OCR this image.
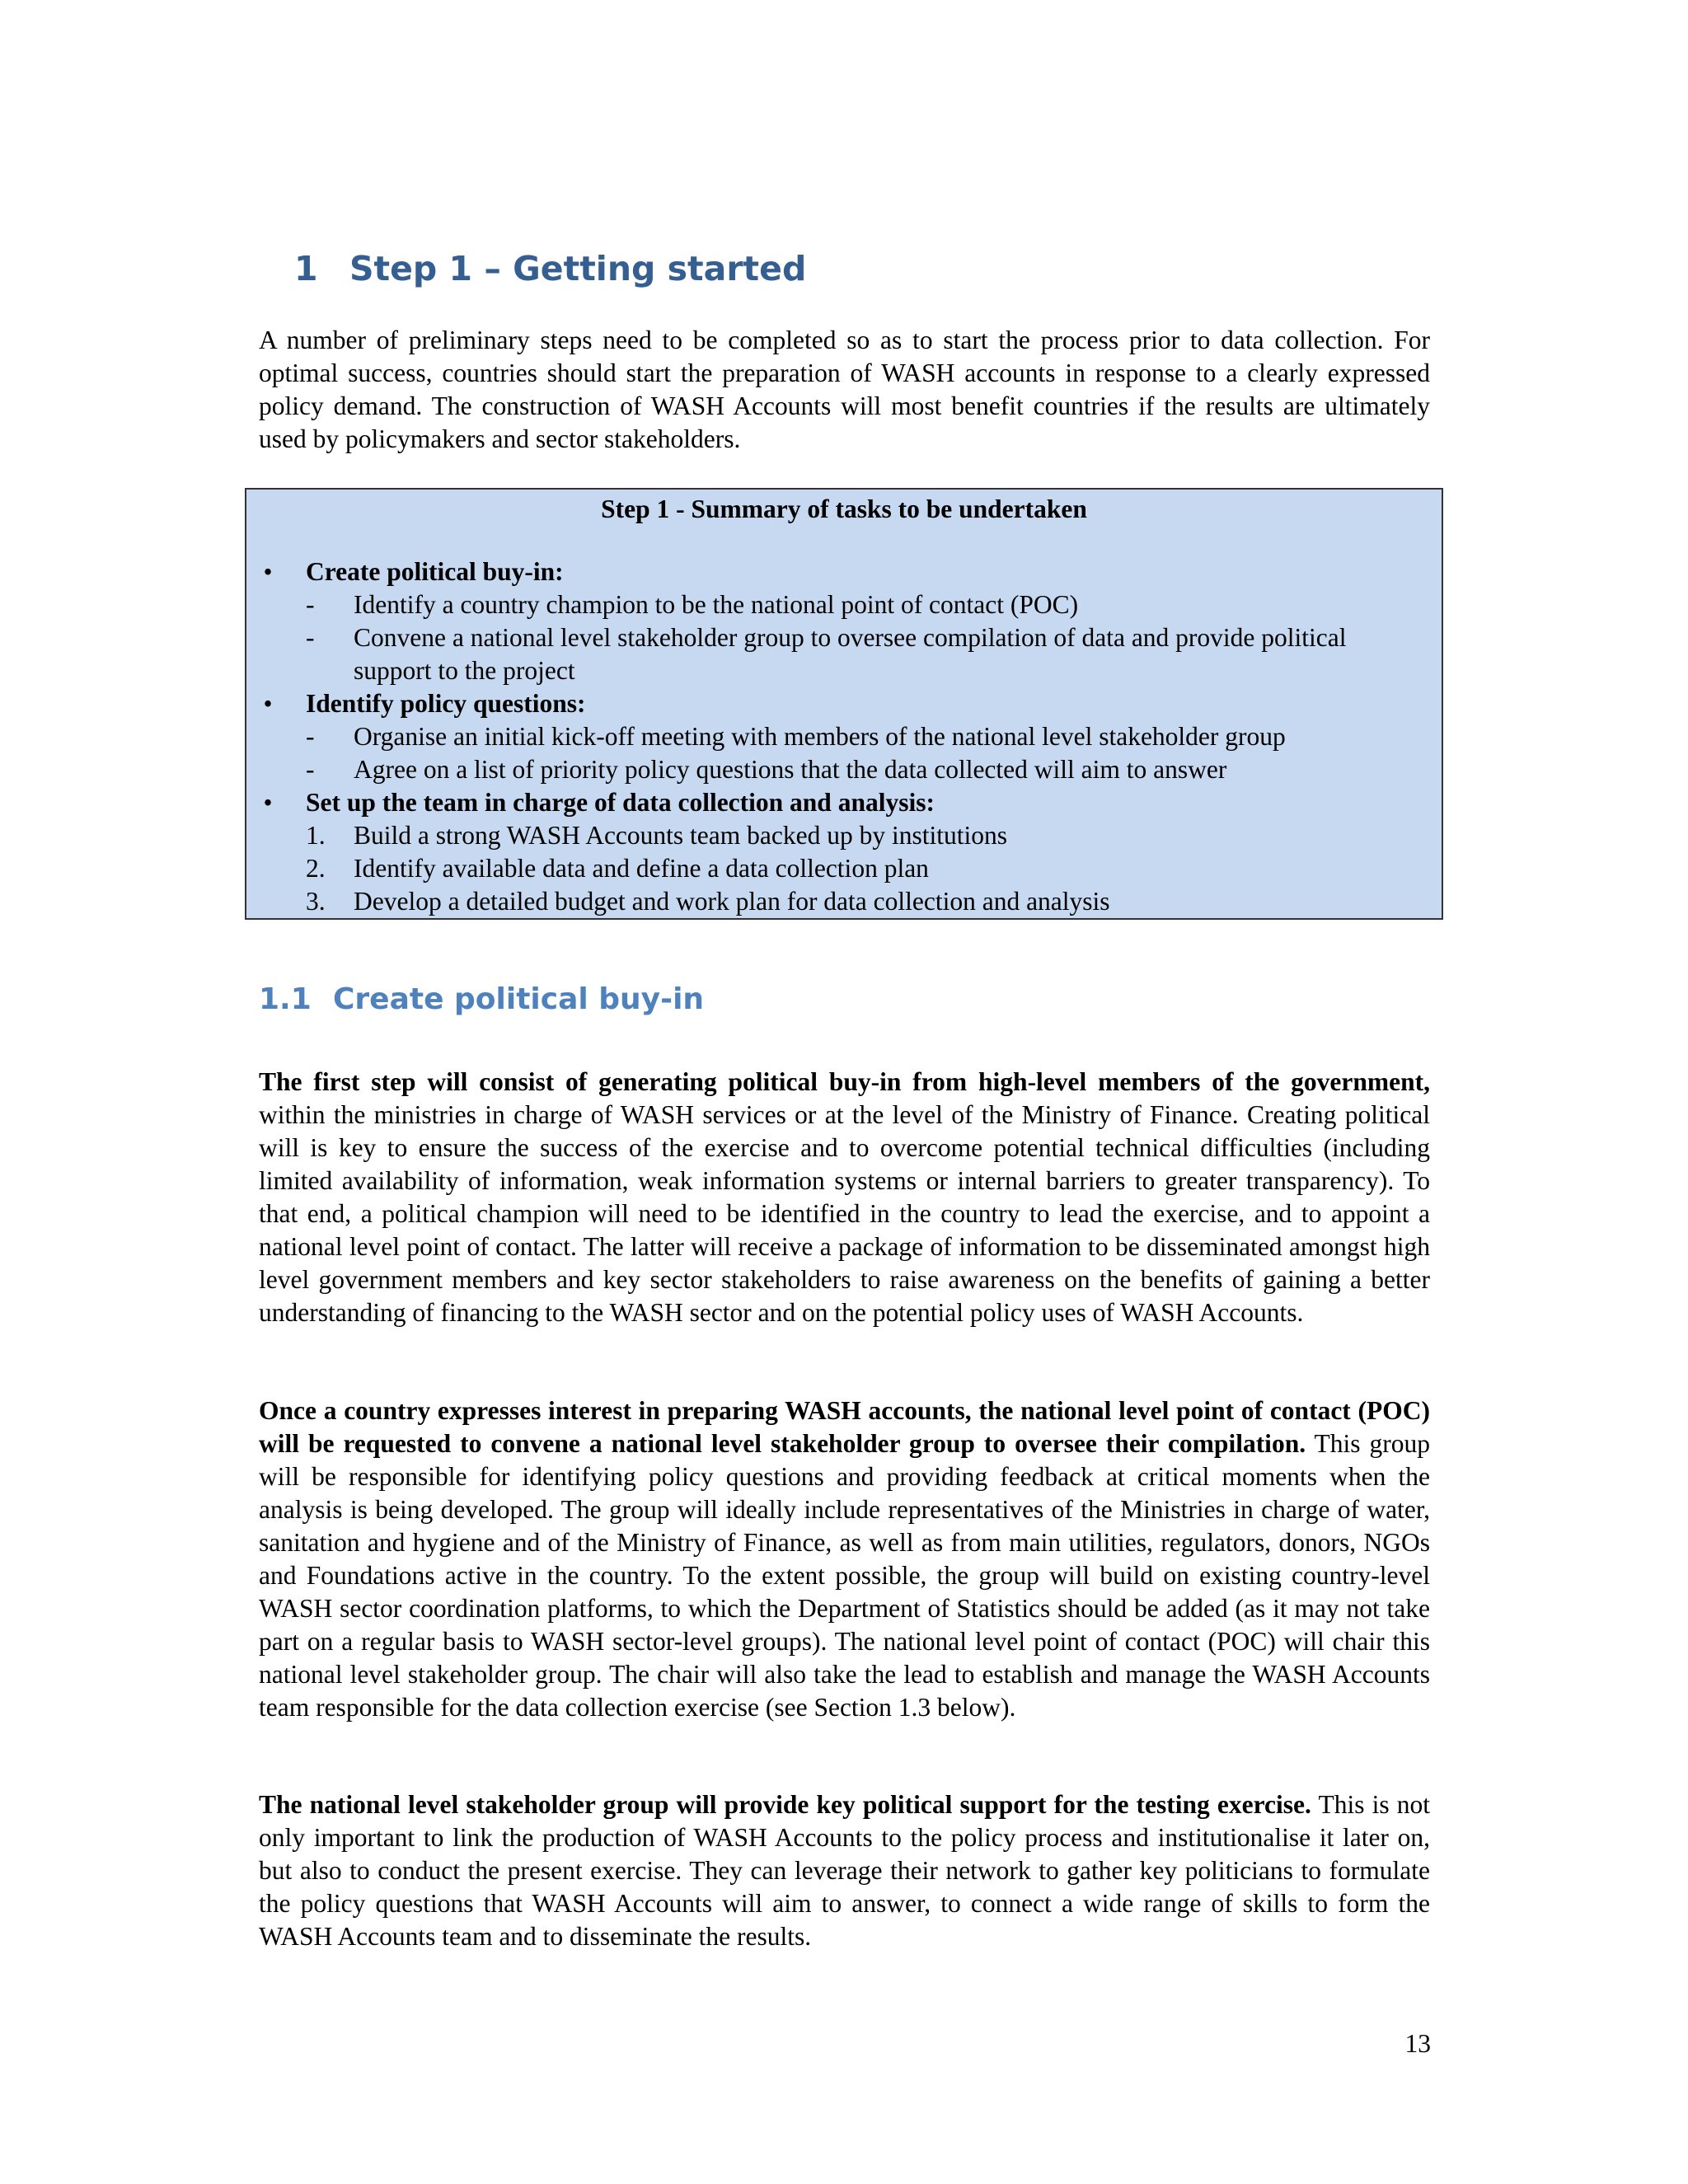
1 Step 1 – Getting started

A number of preliminary steps need to be completed so as to start the process prior to data collection. For optimal success, countries should start the preparation of WASH accounts in response to a clearly expressed policy demand. The construction of WASH Accounts will most benefit countries if the results are ultimately used by policymakers and sector stakeholders.

Step 1 - Summary of tasks to be undertaken
•	Create political buy-in:
-	Identify a country champion to be the national point of contact (POC)
-	Convene a national level stakeholder group to oversee compilation of data and provide political support to the project
•	Identify policy questions:
-	Organise an initial kick-off meeting with members of the national level stakeholder group
-	Agree on a list of priority policy questions that the data collected will aim to answer
•	Set up the team in charge of data collection and analysis:
1.	Build a strong WASH Accounts team backed up by institutions
2.	Identify available data and define a data collection plan
3.	Develop a detailed budget and work plan for data collection and analysis
1.1 Create political buy-in

The first step will consist of generating political buy-in from high-level members of the government, within the ministries in charge of WASH services or at the level of the Ministry of Finance. Creating political will is key to ensure the success of the exercise and to overcome potential technical difficulties (including limited availability of information, weak information systems or internal barriers to greater transparency). To that end, a political champion will need to be identified in the country to lead the exercise, and to appoint a national level point of contact. The latter will receive a package of information to be disseminated amongst high level government members and key sector stakeholders to raise awareness on the benefits of gaining a better understanding of financing to the WASH sector and on the potential policy uses of WASH Accounts.

Once a country expresses interest in preparing WASH accounts, the national level point of contact (POC) will be requested to convene a national level stakeholder group to oversee their compilation. This group will be responsible for identifying policy questions and providing feedback at critical moments when the analysis is being developed. The group will ideally include representatives of the Ministries in charge of water, sanitation and hygiene and of the Ministry of Finance, as well as from main utilities, regulators, donors, NGOs and Foundations active in the country. To the extent possible, the group will build on existing country-level WASH sector coordination platforms, to which the Department of Statistics should be added (as it may not take part on a regular basis to WASH sector-level groups). The national level point of contact (POC) will chair this national level stakeholder group. The chair will also take the lead to establish and manage the WASH Accounts team responsible for the data collection exercise (see Section 1.3 below).

The national level stakeholder group will provide key political support for the testing exercise. This is not only important to link the production of WASH Accounts to the policy process and institutionalise it later on, but also to conduct the present exercise. They can leverage their network to gather key politicians to formulate the policy questions that WASH Accounts will aim to answer, to connect a wide range of skills to form the WASH Accounts team and to disseminate the results.

13
